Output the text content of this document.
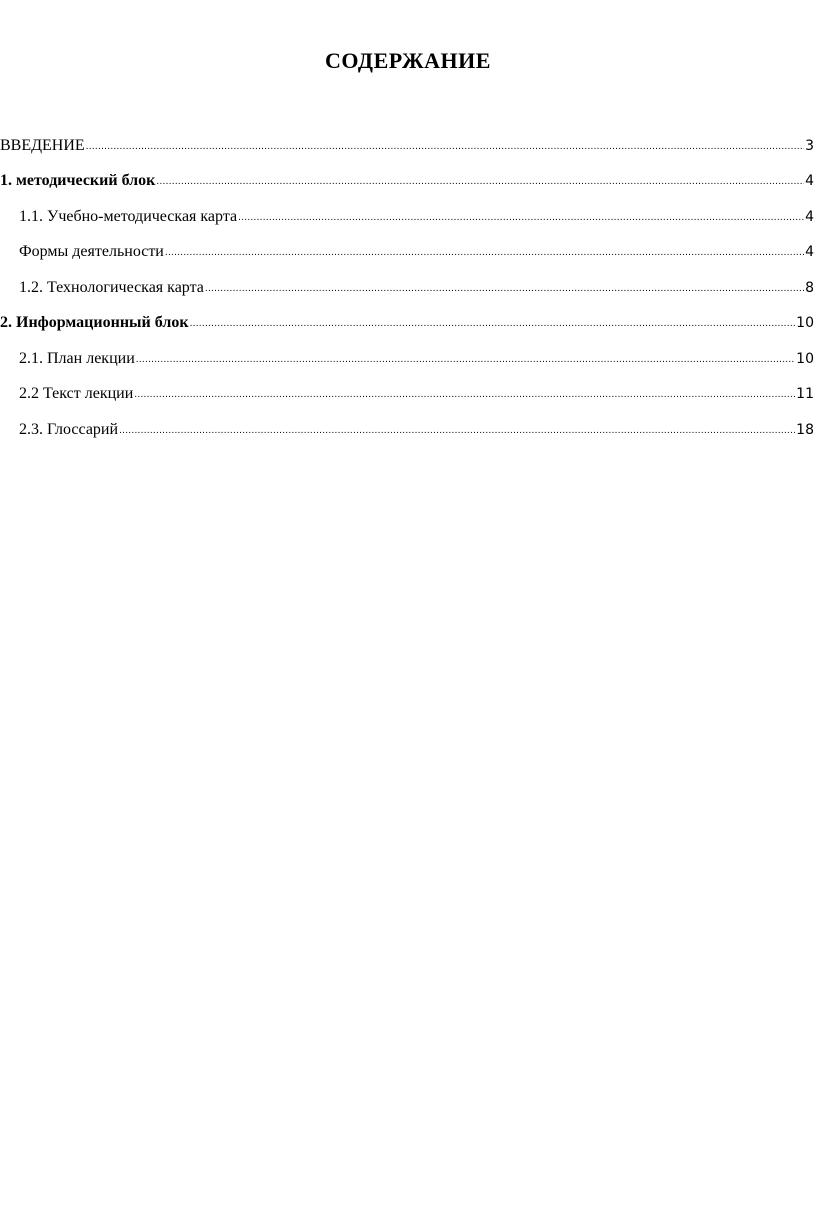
СОДЕРЖАНИЕ
ВВЕДЕНИЕ .....	3
1. методический блок .....	4
1.1. Учебно-методическая карта .....	4
Формы деятельности .....	4
1.2. Технологическая карта .....	8
2. Информационный блок .....	10
2.1. План лекции .....	10
2.2 Текст лекции .....	11
2.3. Глоссарий .....	18
